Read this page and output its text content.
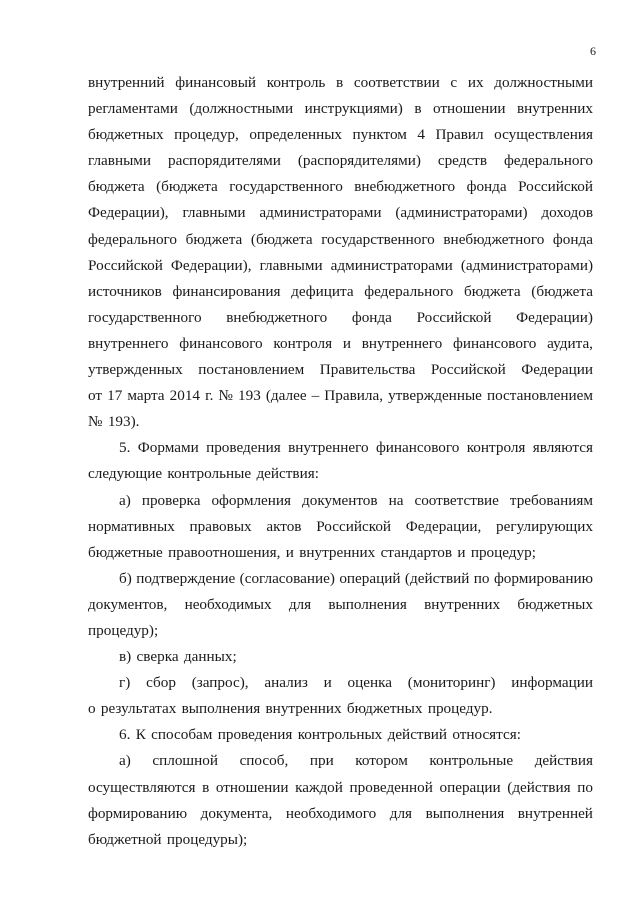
6
внутренний финансовый контроль в соответствии с их должностными
регламентами (должностными инструкциями) в отношении внутренних
бюджетных процедур, определенных пунктом 4 Правил осуществления
главными распорядителями (распорядителями) средств федерального
бюджета (бюджета государственного внебюджетного фонда Российской
Федерации), главными администраторами (администраторами) доходов
федерального бюджета (бюджета государственного внебюджетного фонда
Российской Федерации), главными администраторами (администраторами)
источников финансирования дефицита федерального бюджета (бюджета
государственного внебюджетного фонда Российской Федерации)
внутреннего финансового контроля и внутреннего финансового аудита,
утвержденных постановлением Правительства Российской Федерации
от 17 марта 2014 г. № 193 (далее – Правила, утвержденные постановлением
№ 193).
5. Формами проведения внутреннего финансового контроля являются
следующие контрольные действия:
а) проверка оформления документов на соответствие требованиям
нормативных правовых актов Российской Федерации, регулирующих
бюджетные правоотношения, и внутренних стандартов и процедур;
б) подтверждение (согласование) операций (действий по формированию
документов, необходимых для выполнения внутренних бюджетных
процедур);
в) сверка данных;
г) сбор (запрос), анализ и оценка (мониторинг) информации
о результатах выполнения внутренних бюджетных процедур.
6. К способам проведения контрольных действий относятся:
а) сплошной способ, при котором контрольные действия
осуществляются в отношении каждой проведенной операции (действия по
формированию документа, необходимого для выполнения внутренней
бюджетной процедуры);
